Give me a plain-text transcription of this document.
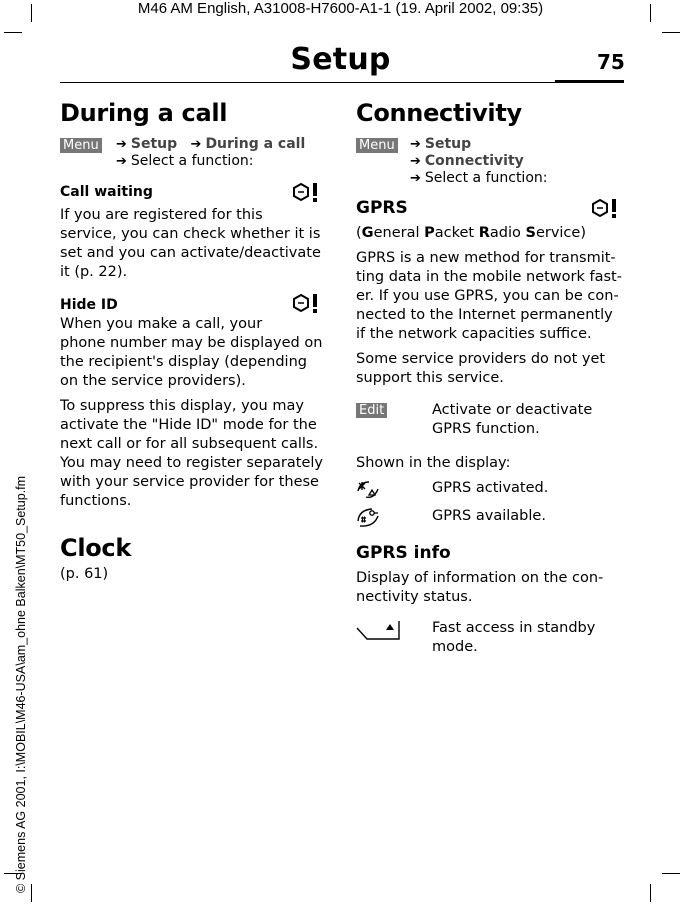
M46 AM English, A31008-H7600-A1-1 (19. April 2002, 09:35)
Setup	75
© Siemens AG 2001, I:\MOBIL\M46-USA\am_ohne Balken\MT50_Setup.fm
During a call
Menu ➔ Setup ➔ During a call
➔ Select a function:
Call waiting

If you are registered for this

service, you can check whether it is set and you can activate/deactivate it (p. 22).

Hide ID

When you make a call, your

phone number may be displayed on the recipient's display (depending on the service providers).

To suppress this display, you may activate the "Hide ID" mode for the next call or for all subsequent calls. You may need to register separately with your service provider for these functions.

Clock

(p. 61)

Connectivity
Menu ➔ Setup
➔ Connectivity
➔ Select a function:
GPRS

(General Packet Radio Service)

GPRS is a new method for transmit-ting data in the mobile network fast-er. If you use GPRS, you can be con-nected to the Internet permanently if the network capacities suffice.

Some service providers do not yet support this service.

Edit	Activate or deactivate GPRS function.

Shown in the display:

GPRS activated.
GPRS available.
GPRS info

Display of information on the con-nectivity status.

Fast access in standby mode.
